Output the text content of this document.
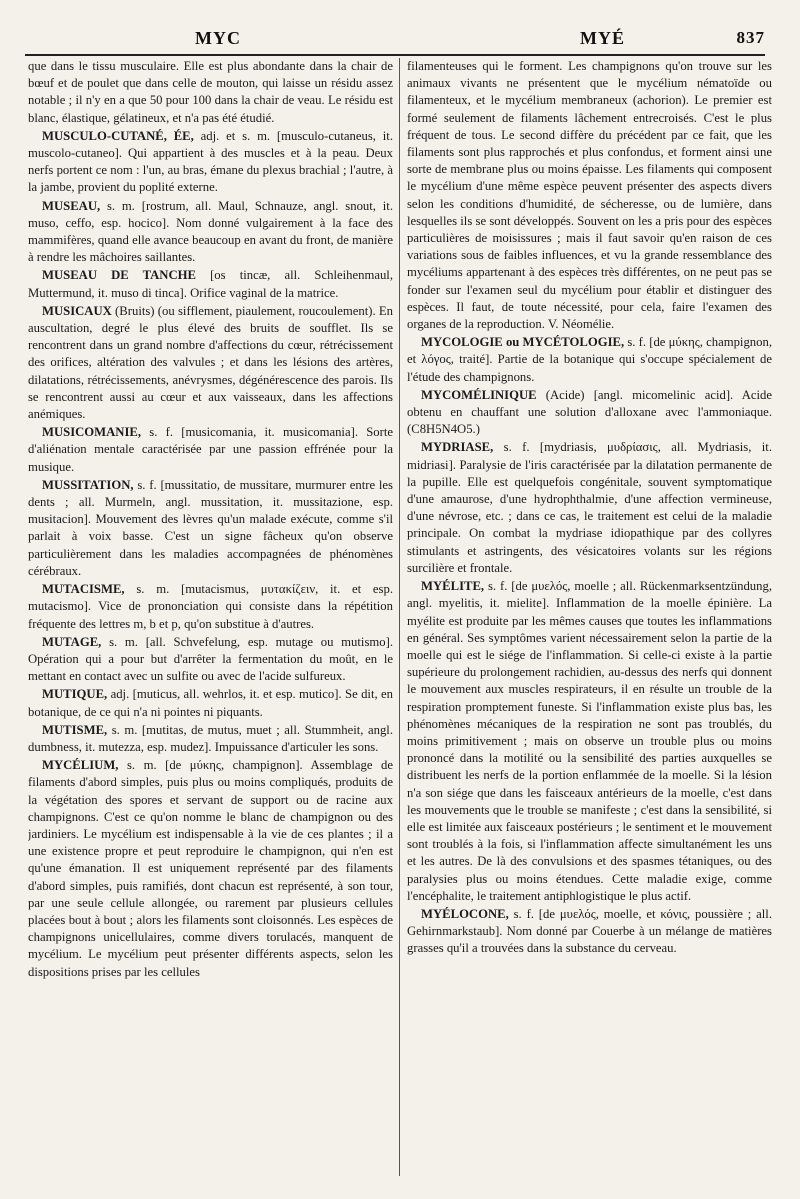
MYC	MYÉ	837

que dans le tissu musculaire. Elle est plus abondante dans la chair de bœuf et de poulet que dans celle de mouton, qui laisse un résidu assez notable ; il n'y en a que 50 pour 100 dans la chair de veau. Le résidu est blanc, élastique, gélatineux, et n'a pas été étudié.

MUSCULO-CUTANÉ, ÉE, adj. et s. m. [musculo-cutaneus, it. muscolo-cutaneo]. Qui appartient à des muscles et à la peau. Deux nerfs portent ce nom : l'un, au bras, émane du plexus brachial ; l'autre, à la jambe, provient du poplité externe.

MUSEAU, s. m. [rostrum, all. Maul, Schnauze, angl. snout, it. muso, ceffo, esp. hocico]. Nom donné vulgairement à la face des mammifères, quand elle avance beaucoup en avant du front, de manière à rendre les mâchoires saillantes.

MUSEAU DE TANCHE [os tincæ, all. Schleihenmaul, Muttermund, it. muso di tinca]. Orifice vaginal de la matrice.

MUSICAUX (Bruits) (ou sifflement, piaulement, roucoulement). En auscultation, degré le plus élevé des bruits de soufflet. Ils se rencontrent dans un grand nombre d'affections du cœur, rétrécissement des orifices, altération des valvules ; et dans les lésions des artères, dilatations, rétrécissements, anévrysmes, dégénérescence des parois. Ils se rencontrent aussi au cœur et aux vaisseaux, dans les affections anémiques.

MUSICOMANIE, s. f. [musicomania, it. musicomania]. Sorte d'aliénation mentale caractérisée par une passion effrénée pour la musique.

MUSSITATION, s. f. [mussitatio, de mussitare, murmurer entre les dents ; all. Murmeln, angl. mussitation, it. mussitazione, esp. musitacion]. Mouvement des lèvres qu'un malade exécute, comme s'il parlait à voix basse. C'est un signe fâcheux qu'on observe particulièrement dans les maladies accompagnées de phénomènes cérébraux.

MUTACISME, s. m. [mutacismus, μυτακίζειν, it. et esp. mutacismo]. Vice de prononciation qui consiste dans la répétition fréquente des lettres m, b et p, qu'on substitue à d'autres.

MUTAGE, s. m. [all. Schvefelung, esp. mutage ou mutismo]. Opération qui a pour but d'arrêter la fermentation du moût, en le mettant en contact avec un sulfite ou avec de l'acide sulfureux.

MUTIQUE, adj. [muticus, all. wehrlos, it. et esp. mutico]. Se dit, en botanique, de ce qui n'a ni pointes ni piquants.

MUTISME, s. m. [mutitas, de mutus, muet ; all. Stummheit, angl. dumbness, it. mutezza, esp. mudez]. Impuissance d'articuler les sons.

MYCÉLIUM, s. m. [de μύκης, champignon]. Assemblage de filaments d'abord simples, puis plus ou moins compliqués, produits de la végétation des spores et servant de support ou de racine aux champignons. C'est ce qu'on nomme le blanc de champignon ou des jardiniers. Le mycélium est indispensable à la vie de ces plantes ; il a une existence propre et peut reproduire le champignon, qui n'en est qu'une émanation. Il est uniquement représenté par des filaments d'abord simples, puis ramifiés, dont chacun est représenté, à son tour, par une seule cellule allongée, ou rarement par plusieurs cellules placées bout à bout ; alors les filaments sont cloisonnés. Les espèces de champignons unicellulaires, comme divers torulacés, manquent de mycélium. Le mycélium peut présenter différents aspects, selon les dispositions prises par les cellules

filamenteuses qui le forment. Les champignons qu'on trouve sur les animaux vivants ne présentent que le mycélium nématoïde ou filamenteux, et le mycélium membraneux (achorion). Le premier est formé seulement de filaments lâchement entrecroisés. C'est le plus fréquent de tous. Le second diffère du précédent par ce fait, que les filaments sont plus rapprochés et plus confondus, et forment ainsi une sorte de membrane plus ou moins épaisse. Les filaments qui composent le mycélium d'une même espèce peuvent présenter des aspects divers selon les conditions d'humidité, de sécheresse, ou de lumière, dans lesquelles ils se sont développés. Souvent on les a pris pour des espèces particulières de moisissures ; mais il faut savoir qu'en raison de ces variations sous de faibles influences, et vu la grande ressemblance des mycéliums appartenant à des espèces très différentes, on ne peut pas se fonder sur l'examen seul du mycélium pour établir et distinguer des espèces. Il faut, de toute nécessité, pour cela, faire l'examen des organes de la reproduction. V. Néomélie.

MYCOLOGIE ou MYCÉTOLOGIE, s. f. [de μύκης, champignon, et λόγος, traité]. Partie de la botanique qui s'occupe spécialement de l'étude des champignons.

MYCOMÉLINIQUE (Acide) [angl. micomelinic acid]. Acide obtenu en chauffant une solution d'alloxane avec l'ammoniaque. (C8H5N4O5.)

MYDRIASE, s. f. [mydriasis, μυδρίασις, all. Mydriasis, it. midriasi]. Paralysie de l'iris caractérisée par la dilatation permanente de la pupille. Elle est quelquefois congénitale, souvent symptomatique d'une amaurose, d'une hydrophthalmie, d'une affection vermineuse, d'une névrose, etc. ; dans ce cas, le traitement est celui de la maladie principale. On combat la mydriase idiopathique par des collyres stimulants et astringents, des vésicatoires volants sur les régions surcilière et frontale.

MYÉLITE, s. f. [de μυελός, moelle ; all. Rückenmarksentzündung, angl. myelitis, it. mielite]. Inflammation de la moelle épinière. La myélite est produite par les mêmes causes que toutes les inflammations en général. Ses symptômes varient nécessairement selon la partie de la moelle qui est le siége de l'inflammation. Si celle-ci existe à la partie supérieure du prolongement rachidien, au-dessus des nerfs qui donnent le mouvement aux muscles respirateurs, il en résulte un trouble de la respiration promptement funeste. Si l'inflammation existe plus bas, les phénomènes mécaniques de la respiration ne sont pas troublés, du moins primitivement ; mais on observe un trouble plus ou moins prononcé dans la motilité ou la sensibilité des parties auxquelles se distribuent les nerfs de la portion enflammée de la moelle. Si la lésion n'a son siége que dans les faisceaux antérieurs de la moelle, c'est dans les mouvements que le trouble se manifeste ; c'est dans la sensibilité, si elle est limitée aux faisceaux postérieurs ; le sentiment et le mouvement sont troublés à la fois, si l'inflammation affecte simultanément les uns et les autres. De là des convulsions et des spasmes tétaniques, ou des paralysies plus ou moins étendues. Cette maladie exige, comme l'encéphalite, le traitement antiphlogistique le plus actif.

MYÉLOCONE, s. f. [de μυελός, moelle, et κόνις, poussière ; all. Gehirnmarkstaub]. Nom donné par Couerbe à un mélange de matières grasses qu'il a trouvées dans la substance du cerveau.
